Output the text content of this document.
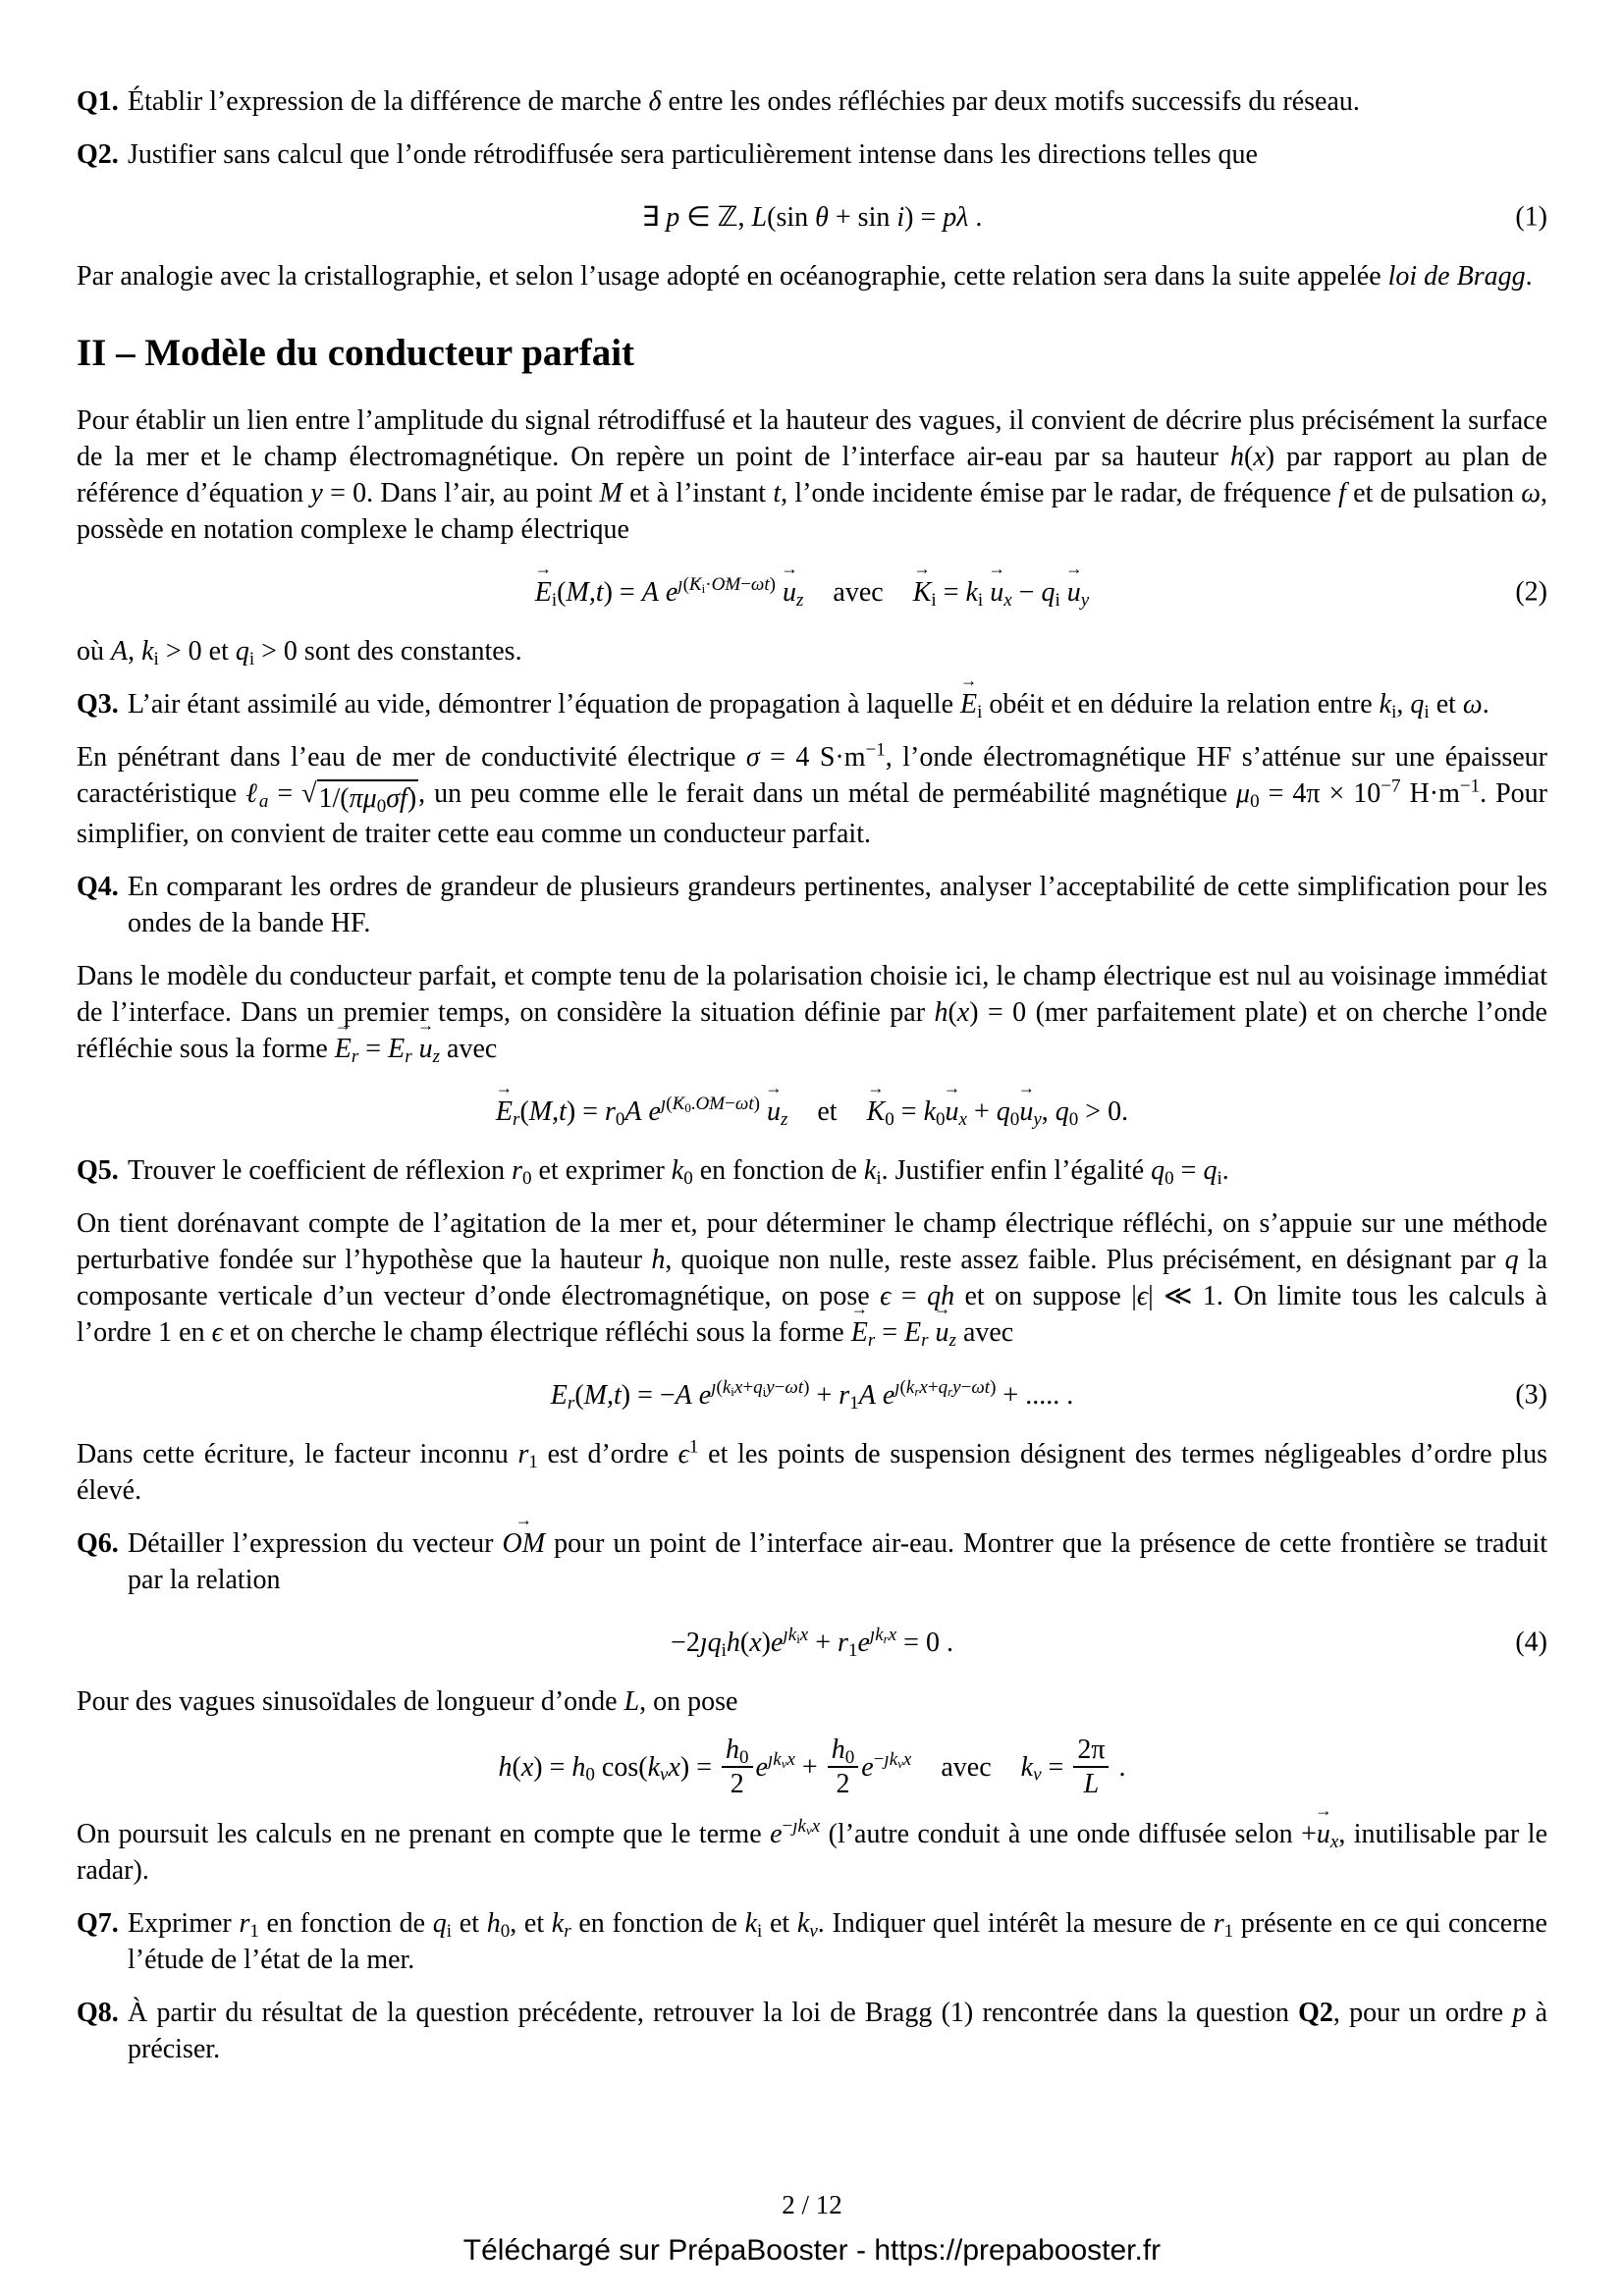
Q1. Établir l’expression de la différence de marche δ entre les ondes réfléchies par deux motifs successifs du réseau.
Q2. Justifier sans calcul que l’onde rétrodiffusée sera particulièrement intense dans les directions telles que
∃ p ∈ ℤ, L(sin θ + sin i) = pλ .	(1)

Par analogie avec la cristallographie, et selon l’usage adopté en océanographie, cette relation sera dans la suite appelée loi de Bragg.

II – Modèle du conducteur parfait

Pour établir un lien entre l’amplitude du signal rétrodiffusé et la hauteur des vagues, il convient de décrire plus précisément la surface de la mer et le champ électromagnétique. On repère un point de l’interface air-eau par sa hauteur h(x) par rapport au plan de référence d’équation y = 0. Dans l’air, au point M et à l’instant t, l’onde incidente émise par le radar, de fréquence f et de pulsation ω, possède en notation complexe le champ électrique

$E \to_i(M,t) = A$ $e^{ȷ(K_i\cdot OM-\omega t)}$ $u \to_z$ avec $K \to_i = k_i$ $u \to_x - q_i$ $u \to_y$	(2)

où A, $k_i > 0$ et $q_i > 0$ sont des constantes.

Q3. L’air étant assimilé au vide, démontrer l’équation de propagation à laquelle $E \to_i$ obéit et en déduire la relation entre $k_i$, $q_i$ et ω.

En pénétrant dans l’eau de mer de conductivité électrique σ = 4 $S\cdot m^{-1}$, l’onde électromagnétique HF s’atténue sur une épaisseur caractéristique ℓ$_a$ = √ $1/(\pi\mu_0\sigma f)$ , un peu comme elle le ferait dans un métal de perméabilité magnétique $\mu_0 = 4\pi \times 10^{-7}$ $H\cdot m^{-1}$. Pour simplifier, on convient de traiter cette eau comme un conducteur parfait.

Q4. En comparant les ordres de grandeur de plusieurs grandeurs pertinentes, analyser l’acceptabilité de cette simplification pour les ondes de la bande HF.

Dans le modèle du conducteur parfait, et compte tenu de la polarisation choisie ici, le champ électrique est nul au voisinage immédiat de l’interface. Dans un premier temps, on considère la situation définie par h(x) = 0 (mer parfaitement plate) et on cherche l’onde réfléchie sous la forme $E \to_r = E_r$ $u \to_z$ avec

$E \to_r(M,t) = r_0A$ $e^{ȷ(K_0.OM-\omega t)}$ $u \to_z$ et $K \to_0 = k_0u \to_x + q_0u \to_y$, $q_0 > 0$.
Q5. Trouver le coefficient de réflexion $r_0$ et exprimer $k_0$ en fonction de $k_i$. Justifier enfin l’égalité $q_0 = q_i$.

On tient dorénavant compte de l’agitation de la mer et, pour déterminer le champ électrique réfléchi, on s’appuie sur une méthode perturbative fondée sur l’hypothèse que la hauteur h, quoique non nulle, reste assez faible. Plus précisément, en désignant par q la composante verticale d’un vecteur d’onde électromagnétique, on pose ϵ = qh et on suppose |ϵ| ≪ 1. On limite tous les calculs à l’ordre 1 en ϵ et on cherche le champ électrique réfléchi sous la forme $E \to_r = E_r$ $u \to_z$ avec

$E_r(M,t) = -A$ $e^{ȷ(k_ix+q_iy-\omega t)} + r_1A$ $e^{ȷ(k_rx+q_ry-\omega t)}$ + ..... .	(3)

Dans cette écriture, le facteur inconnu $r_1$ est d’ordre $\epsilon^1$ et les points de suspension désignent des termes négligeables d’ordre plus élevé.

Q6. Détailler l’expression du vecteur OM → pour un point de l’interface air-eau. Montrer que la présence de cette frontière se traduit par la relation
$-2ȷq_ih(x)e^{ȷk_ix} + r_1e^{ȷk_rx} = 0$ .	(4)

Pour des vagues sinusoïdales de longueur d’onde L, on pose

$h(x) = h_0$ $\cos(k_vx) = \frac{h_0}{2} e^{ȷk_vx} + \frac{h_0}{2} e^{-ȷk_vx}$ avec $k_v = \frac{2\pi}{L}$ .

On poursuit les calculs en ne prenant en compte que le terme $e^{-ȷk_vx}$ (l’autre conduit à une onde diffusée selon $+u \to_x$, inutilisable par le radar).

Q7. Exprimer $r_1$ en fonction de $q_i$ et $h_0$, et $k_r$ en fonction de $k_i$ et $k_v$. Indiquer quel intérêt la mesure de $r_1$ présente en ce qui concerne l’étude de l’état de la mer.
Q8. À partir du résultat de la question précédente, retrouver la loi de Bragg (1) rencontrée dans la question Q2, pour un ordre p à préciser.
2 / 12
Téléchargé sur PrépaBooster - https://prepabooster.fr
